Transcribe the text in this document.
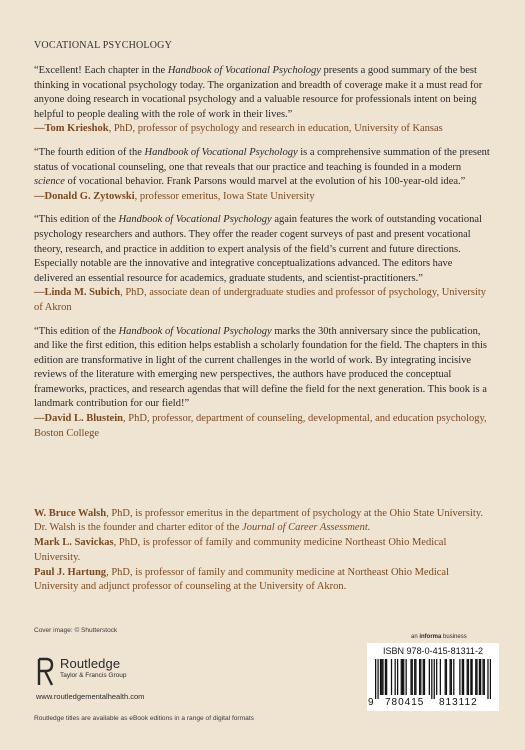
VOCATIONAL PSYCHOLOGY
“Excellent! Each chapter in the Handbook of Vocational Psychology presents a good summary of the best thinking in vocational psychology today. The organization and breadth of coverage make it a must read for anyone doing research in vocational psychology and a valuable resource for professionals intent on being helpful to people dealing with the role of work in their lives.”
—Tom Krieshok, PhD, professor of psychology and research in education, University of Kansas
“The fourth edition of the Handbook of Vocational Psychology is a comprehensive summation of the present status of vocational counseling, one that reveals that our practice and teaching is founded in a modern science of vocational behavior. Frank Parsons would marvel at the evolution of his 100-year-old idea.”
—Donald G. Zytowski, professor emeritus, Iowa State University
“This edition of the Handbook of Vocational Psychology again features the work of outstanding vocational psychology researchers and authors. They offer the reader cogent surveys of past and present vocational theory, research, and practice in addition to expert analysis of the field’s current and future directions. Especially notable are the innovative and integrative conceptualizations advanced. The editors have delivered an essential resource for academics, graduate students, and scientist-practitioners.”
—Linda M. Subich, PhD, associate dean of undergraduate studies and professor of psychology, University of Akron
“This edition of the Handbook of Vocational Psychology marks the 30th anniversary since the publication, and like the first edition, this edition helps establish a scholarly foundation for the field. The chapters in this edition are transformative in light of the current challenges in the world of work. By integrating incisive reviews of the literature with emerging new perspectives, the authors have produced the conceptual frameworks, practices, and research agendas that will define the field for the next generation. This book is a landmark contribution for our field!”
—David L. Blustein, PhD, professor, department of counseling, developmental, and education psychology, Boston College
W. Bruce Walsh, PhD, is professor emeritus in the department of psychology at the Ohio State University. Dr. Walsh is the founder and charter editor of the Journal of Career Assessment.
Mark L. Savickas, PhD, is professor of family and community medicine Northeast Ohio Medical University.
Paul J. Hartung, PhD, is professor of family and community medicine at Northeast Ohio Medical University and adjunct professor of counseling at the University of Akron.
Cover image: © Shutterstock
Routledge
Taylor & Francis Group
www.routledgementalhealth.com
Routledge titles are available as eBook editions in a range of digital formats
an informa business
ISBN 978-0-415-81311-2
9 780415 813112
